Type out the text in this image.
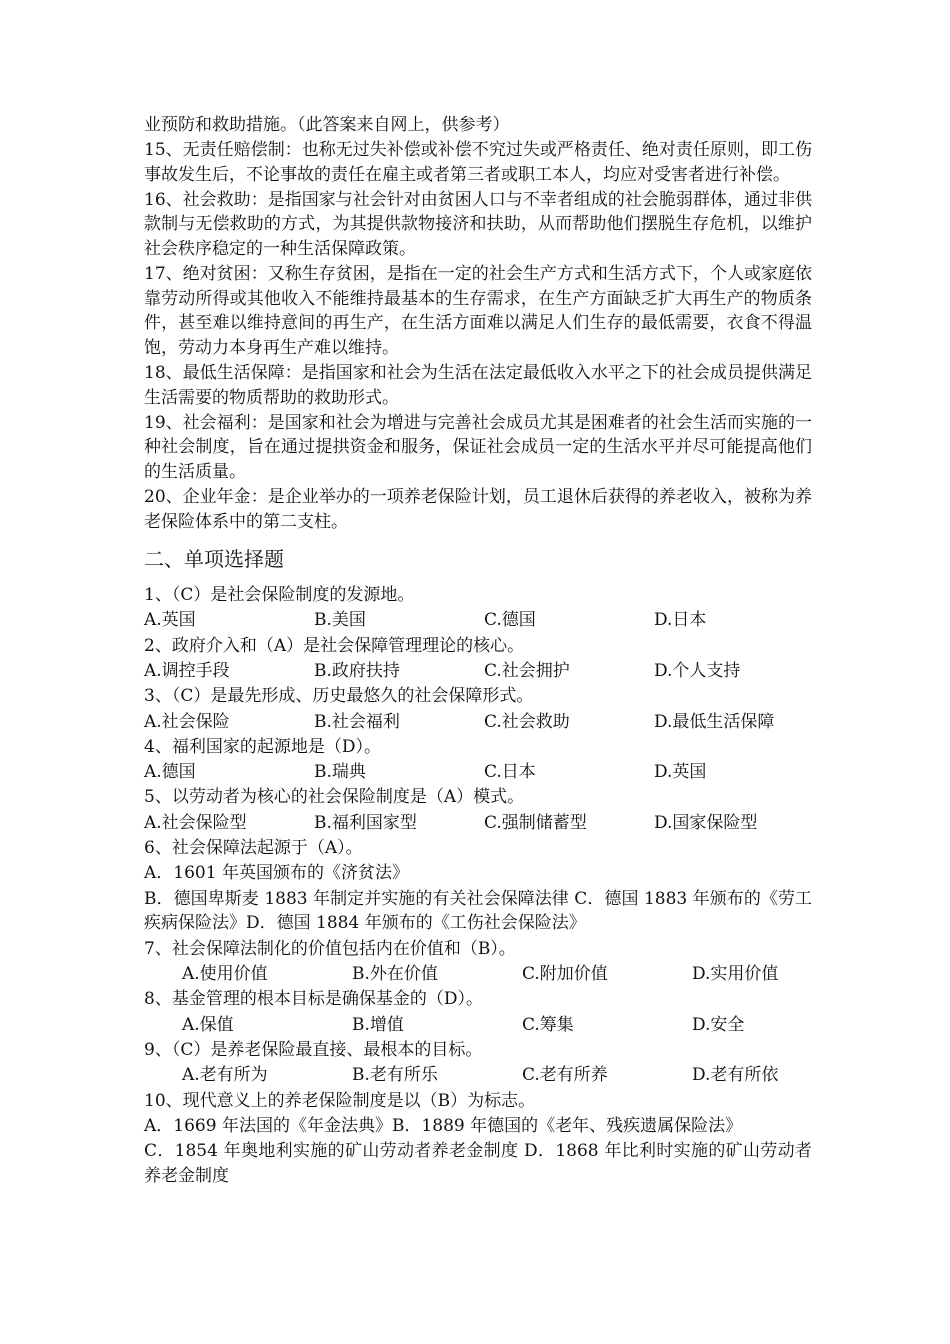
业预防和救助措施。（此答案来自网上，供参考）

15、无责任赔偿制：也称无过失补偿或补偿不究过失或严格责任、绝对责任原则，即工伤事故发生后，不论事故的责任在雇主或者第三者或职工本人，均应对受害者进行补偿。

16、社会救助：是指国家与社会针对由贫困人口与不幸者组成的社会脆弱群体，通过非供款制与无偿救助的方式，为其提供款物接济和扶助，从而帮助他们摆脱生存危机，以维护社会秩序稳定的一种生活保障政策。

17、绝对贫困：又称生存贫困，是指在一定的社会生产方式和生活方式下，个人或家庭依靠劳动所得或其他收入不能维持最基本的生存需求，在生产方面缺乏扩大再生产的物质条件，甚至难以维持意间的再生产，在生活方面难以满足人们生存的最低需要，衣食不得温饱，劳动力本身再生产难以维持。

18、最低生活保障：是指国家和社会为生活在法定最低收入水平之下的社会成员提供满足生活需要的物质帮助的救助形式。

19、社会福利：是国家和社会为增进与完善社会成员尤其是困难者的社会生活而实施的一种社会制度，旨在通过提拱资金和服务，保证社会成员一定的生活水平并尽可能提高他们的生活质量。

20、企业年金：是企业举办的一项养老保险计划，员工退休后获得的养老收入，被称为养老保险体系中的第二支柱。

二、单项选择题
1、（C）是社会保险制度的发源地。
A.英国	B.美国	C.德国	D.日本
2、政府介入和（A）是社会保障管理理论的核心。
A.调控手段	B.政府扶持	C.社会拥护	D.个人支持
3、（C）是最先形成、历史最悠久的社会保障形式。
A.社会保险	B.社会福利	C.社会救助	D.最低生活保障
4、福利国家的起源地是（D）。
A.德国	B.瑞典	C.日本	D.英国
5、以劳动者为核心的社会保险制度是（A）模式。
A.社会保险型	B.福利国家型	C.强制储蓄型	D.国家保险型
6、社会保障法起源于（A）。
A．1601 年英国颁布的《济贫法》
B．德国卑斯麦 1883 年制定并实施的有关社会保障法律 C．德国 1883 年颁布的《劳工疾病保险法》D．德国 1884 年颁布的《工伤社会保险法》
7、社会保障法制化的价值包括内在价值和（B）。
A.使用价值	B.外在价值	C.附加价值	D.实用价值
8、基金管理的根本目标是确保基金的（D）。
A.保值	B.增值	C.筹集	D.安全
9、（C）是养老保险最直接、最根本的目标。
A.老有所为	B.老有所乐	C.老有所养	D.老有所依
10、现代意义上的养老保险制度是以（B）为标志。
A．1669 年法国的《年金法典》B．1889 年德国的《老年、残疾遗属保险法》
C．1854 年奥地利实施的矿山劳动者养老金制度 D．1868 年比利时实施的矿山劳动者养老金制度
